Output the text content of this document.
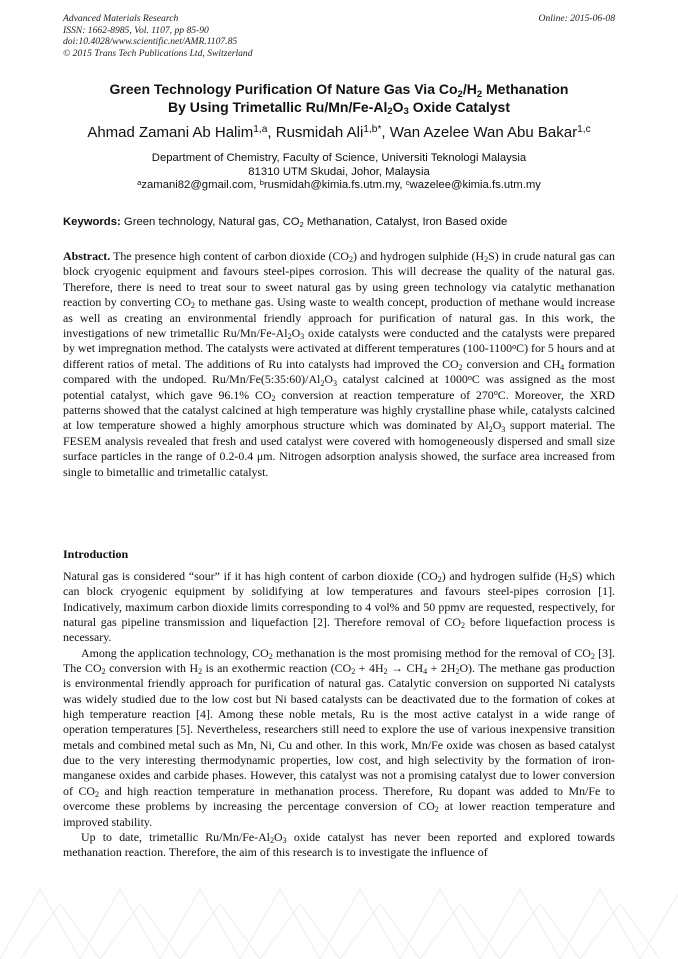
Advanced Materials Research
ISSN: 1662-8985, Vol. 1107, pp 85-90
doi:10.4028/www.scientific.net/AMR.1107.85
© 2015 Trans Tech Publications Ltd, Switzerland
Online: 2015-06-08
Green Technology Purification Of Nature Gas Via $Co_2/H_2$ Methanation
By Using Trimetallic $Ru/Mn/Fe-Al_2O_3$ Oxide Catalyst
Ahmad Zamani Ab Halim$^{1,a}$, Rusmidah Ali$^{1,b*}$, Wan Azelee Wan Abu Bakar$^{1,c}$
Department of Chemistry, Faculty of Science, Universiti Teknologi Malaysia
81310 UTM Skudai, Johor, Malaysia
$^a$zamani82@gmail.com, $^b$rusmidah@kimia.fs.utm.my, $^c$wazelee@kimia.fs.utm.my
Keywords: Green technology, Natural gas, $CO_2$ Methanation, Catalyst, Iron Based oxide
Abstract. The presence high content of carbon dioxide $(CO_2)$ and hydrogen sulphide $(H_2S)$ in crude natural gas can block cryogenic equipment and favours steel-pipes corrosion. This will decrease the quality of the natural gas. Therefore, there is need to treat sour to sweet natural gas by using green technology via catalytic methanation reaction by converting $CO_2$ to methane gas. Using waste to wealth concept, production of methane would increase as well as creating an environmental friendly approach for purification of natural gas. In this work, the investigations of new trimetallic $Ru/Mn/Fe-Al_2O_3$ oxide catalysts were conducted and the catalysts were prepared by wet impregnation method. The catalysts were activated at different temperatures (100-1100$^o$C) for 5 hours and at different ratios of metal. The additions of Ru into catalysts had improved the $CO_2$ conversion and $CH_4$ formation compared with the undoped. $Ru/Mn/Fe(5:35:60)/Al_2O_3$ catalyst calcined at 1000$^o$C was assigned as the most potential catalyst, which gave 96.1% $CO_2$ conversion at reaction temperature of 270$^o$C. Moreover, the XRD patterns showed that the catalyst calcined at high temperature was highly crystalline phase while, catalysts calcined at low temperature showed a highly amorphous structure which was dominated by $Al_2O_3$ support material. The FESEM analysis revealed that fresh and used catalyst were covered with homogeneously dispersed and small size surface particles in the range of 0.2-0.4 μm. Nitrogen adsorption analysis showed, the surface area increased from single to bimetallic and trimetallic catalyst.
Introduction

Natural gas is considered “sour” if it has high content of carbon dioxide $(CO_2)$ and hydrogen sulfide $(H_2S)$ which can block cryogenic equipment by solidifying at low temperatures and favours steel-pipes corrosion [1]. Indicatively, maximum carbon dioxide limits corresponding to 4 vol% and 50 ppmv are requested, respectively, for natural gas pipeline transmission and liquefaction [2]. Therefore removal of $CO_2$ before liquefaction process is necessary.

Among the application technology, $CO_2$ methanation is the most promising method for the removal of $CO_2$ [3]. The $CO_2$ conversion with $H_2$ is an exothermic reaction $(CO_2 + 4H_2 \to CH_4 + 2H_2O)$. The methane gas production is environmental friendly approach for purification of natural gas. Catalytic conversion on supported Ni catalysts was widely studied due to the low cost but Ni based catalysts can be deactivated due to the formation of cokes at high temperature reaction [4]. Among these noble metals, Ru is the most active catalyst in a wide range of operation temperatures [5]. Nevertheless, researchers still need to explore the use of various inexpensive transition metals and combined metal such as Mn, Ni, Cu and other. In this work, Mn/Fe oxide was chosen as based catalyst due to the very interesting thermodynamic properties, low cost, and high selectivity by the formation of iron-manganese oxides and carbide phases. However, this catalyst was not a promising catalyst due to lower conversion of $CO_2$ and high reaction temperature in methanation process. Therefore, Ru dopant was added to Mn/Fe to overcome these problems by increasing the percentage conversion of $CO_2$ at lower reaction temperature and improved stability.

Up to date, trimetallic $Ru/Mn/Fe-Al_2O_3$ oxide catalyst has never been reported and explored towards methanation reaction. Therefore, the aim of this research is to investigate the influence of
